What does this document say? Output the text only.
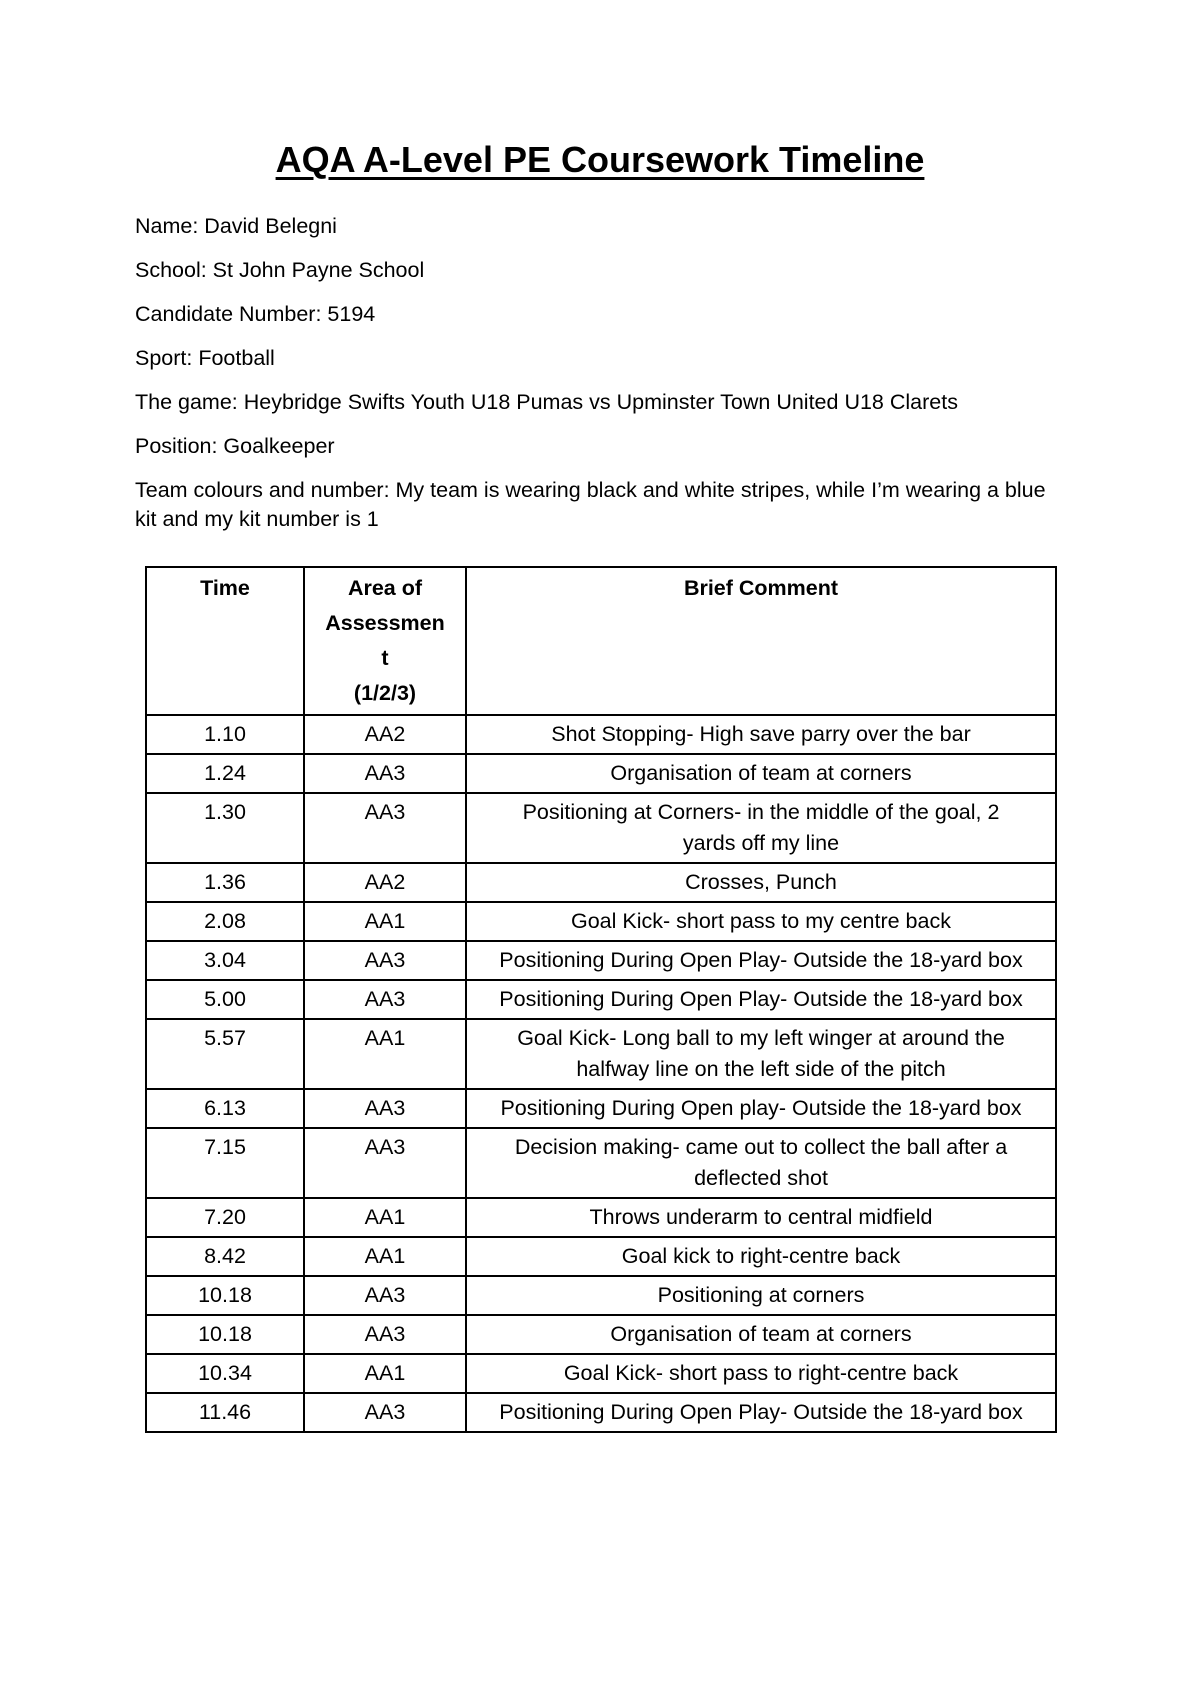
AQA A-Level PE Coursework Timeline

Name: David Belegni

School: St John Payne School

Candidate Number: 5194

Sport: Football

The game: Heybridge Swifts Youth U18 Pumas vs Upminster Town United U18 Clarets

Position: Goalkeeper

Team colours and number: My team is wearing black and white stripes, while I’m wearing a blue kit and my kit number is 1

Time	Area of
Assessmen
t
(1/2/3)	Brief Comment
1.10	AA2	Shot Stopping- High save parry over the bar
1.24	AA3	Organisation of team at corners
1.30	AA3	Positioning at Corners- in the middle of the goal, 2 yards off my line
1.36	AA2	Crosses, Punch
2.08	AA1	Goal Kick- short pass to my centre back
3.04	AA3	Positioning During Open Play- Outside the 18-yard box
5.00	AA3	Positioning During Open Play- Outside the 18-yard box
5.57	AA1	Goal Kick- Long ball to my left winger at around the halfway line on the left side of the pitch
6.13	AA3	Positioning During Open play- Outside the 18-yard box
7.15	AA3	Decision making- came out to collect the ball after a deflected shot
7.20	AA1	Throws underarm to central midfield
8.42	AA1	Goal kick to right-centre back
10.18	AA3	Positioning at corners
10.18	AA3	Organisation of team at corners
10.34	AA1	Goal Kick- short pass to right-centre back
11.46	AA3	Positioning During Open Play- Outside the 18-yard box
